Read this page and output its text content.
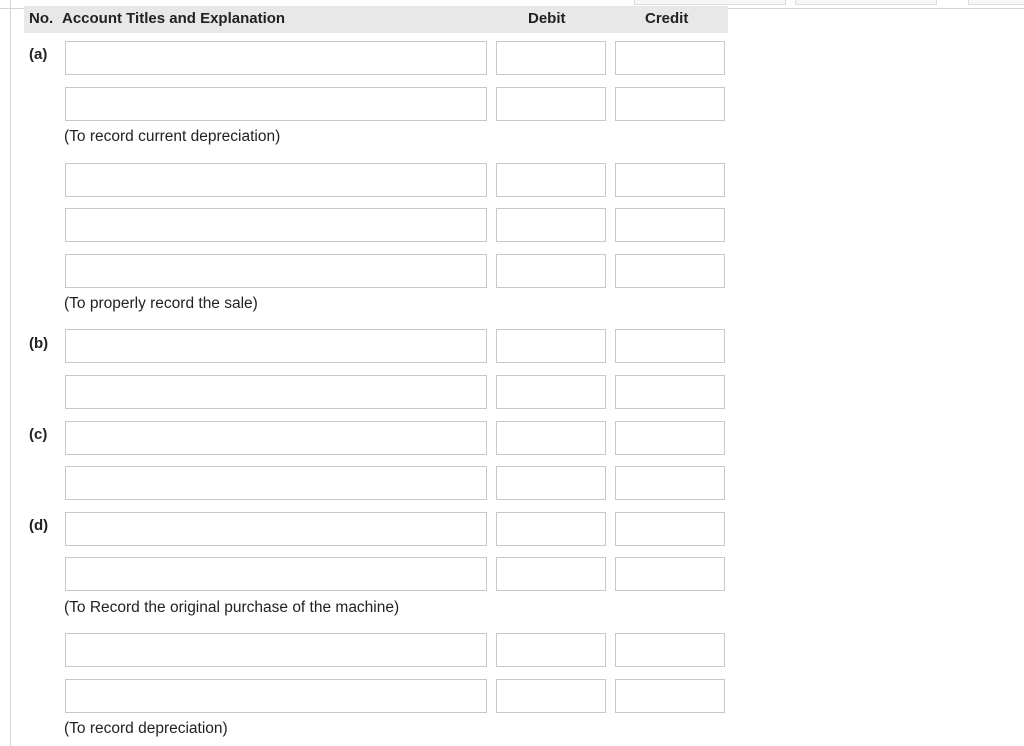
No. Account Titles and Explanation	Debit	Credit
(a)
(To record current depreciation)
(To properly record the sale)
(b)
(c)
(d)
(To Record the original purchase of the machine)
(To record depreciation)
